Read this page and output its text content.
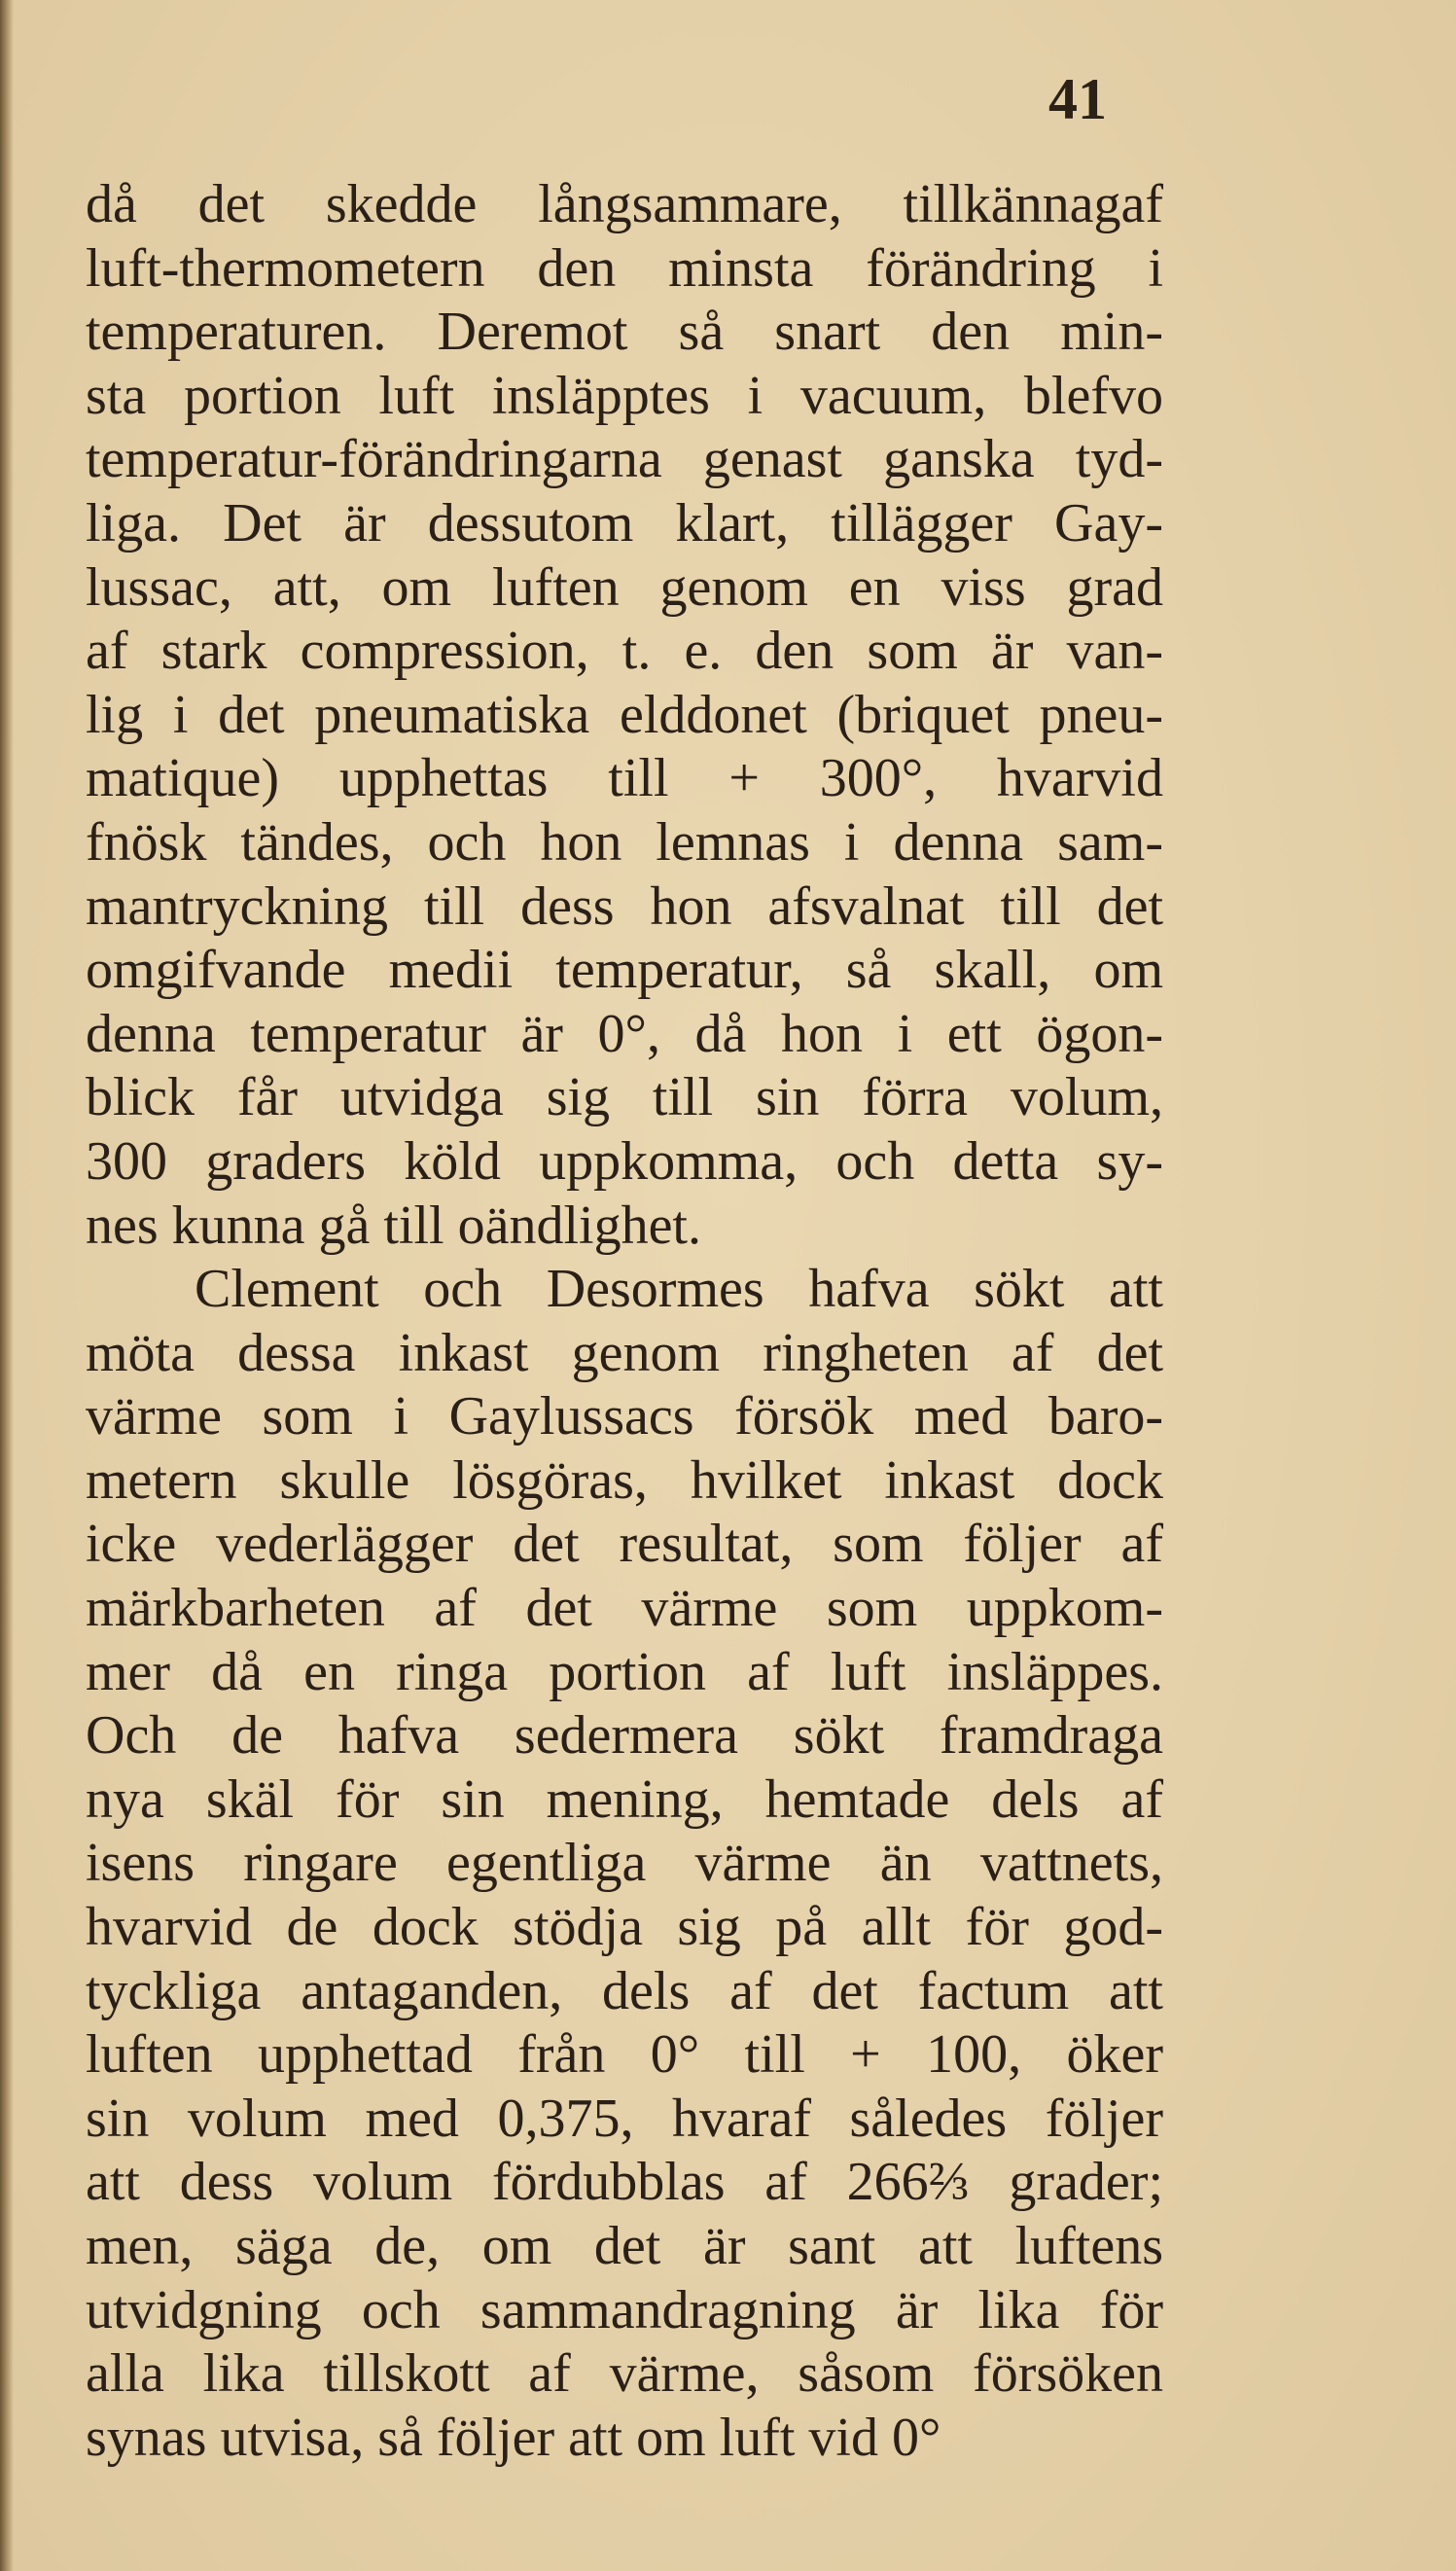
41
då det skedde långsammare, tillkännagaf
luft-thermometern den minsta förändring i
temperaturen. Deremot så snart den min-
sta portion luft insläpptes i vacuum, blefvo
temperatur-förändringarna genast ganska tyd-
liga. Det är dessutom klart, tillägger Gay-
lussac, att, om luften genom en viss grad
af stark compression, t. e. den som är van-
lig i det pneumatiska elddonet (briquet pneu-
matique) upphettas till + 300°, hvarvid
fnösk tändes, och hon lemnas i denna sam-
mantryckning till dess hon afsvalnat till det
omgifvande medii temperatur, så skall, om
denna temperatur är 0°, då hon i ett ögon-
blick får utvidga sig till sin förra volum,
300 graders köld uppkomma, och detta sy-
nes kunna gå till oändlighet.
Clement och Desormes hafva sökt att
möta dessa inkast genom ringheten af det
värme som i Gaylussacs försök med baro-
metern skulle lösgöras, hvilket inkast dock
icke vederlägger det resultat, som följer af
märkbarheten af det värme som uppkom-
mer då en ringa portion af luft insläppes.
Och de hafva sedermera sökt framdraga
nya skäl för sin mening, hemtade dels af
isens ringare egentliga värme än vattnets,
hvarvid de dock stödja sig på allt för god-
tyckliga antaganden, dels af det factum att
luften upphettad från 0° till + 100, öker
sin volum med 0,375, hvaraf således följer
att dess volum fördubblas af 266⅔ grader;
men, säga de, om det är sant att luftens
utvidgning och sammandragning är lika för
alla lika tillskott af värme, såsom försöken
synas utvisa, så följer att om luft vid 0°
